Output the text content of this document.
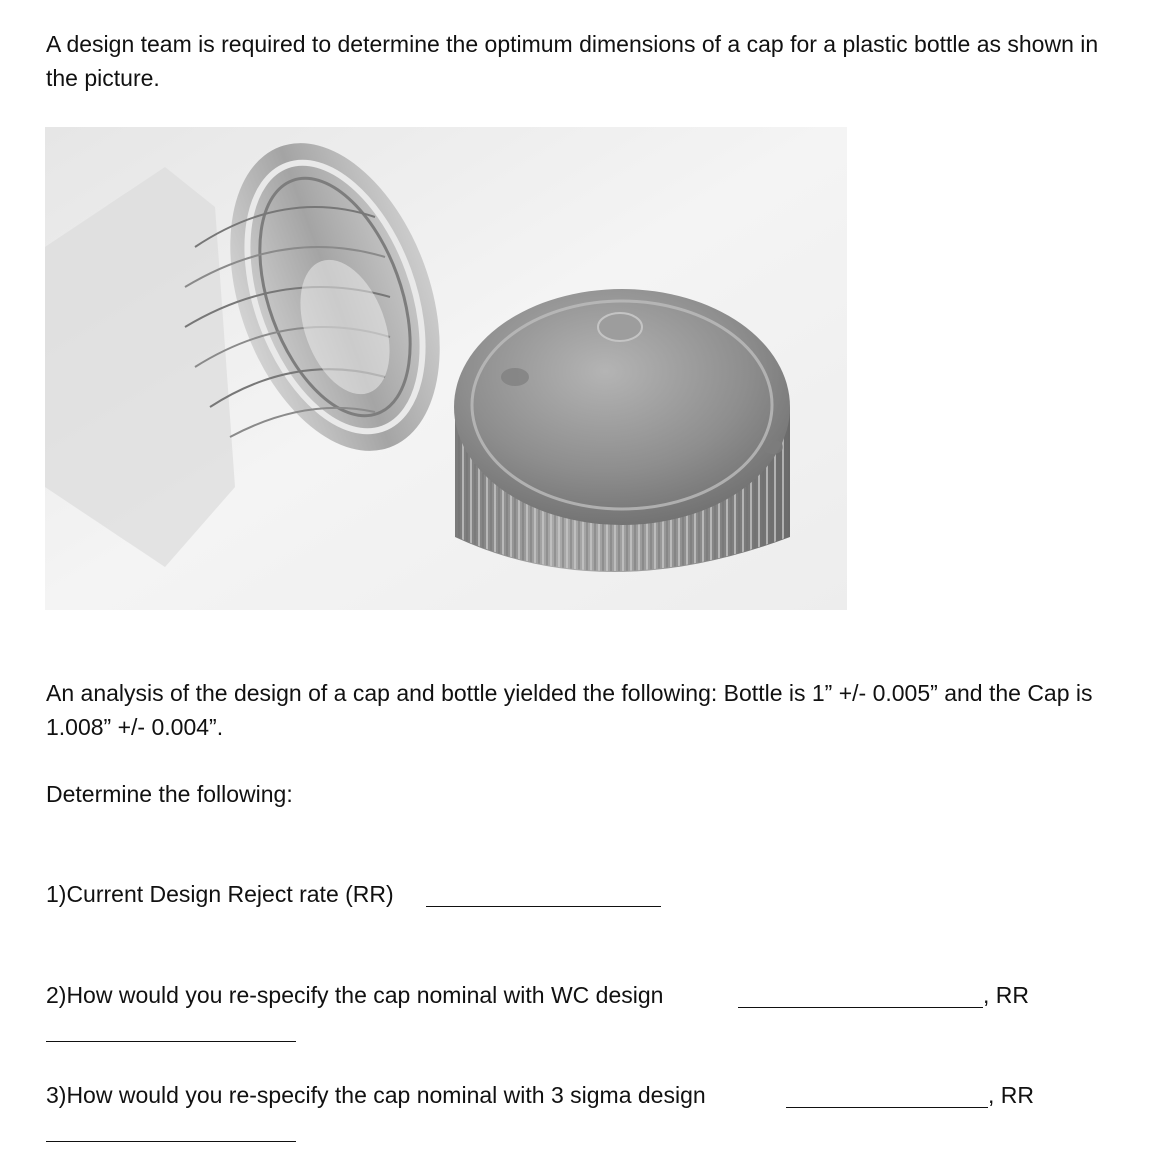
A design team is required to determine the optimum dimensions of a cap for a plastic bottle as shown in the picture.

An analysis of the design of a cap and bottle yielded the following: Bottle is 1” +/- 0.005” and the Cap is 1.008” +/- 0.004”.

Determine the following:

1)Current Design Reject rate (RR)
2)How would you re-specify the cap nominal with WC design	, RR
3)How would you re-specify the cap nominal with 3 sigma design	, RR
